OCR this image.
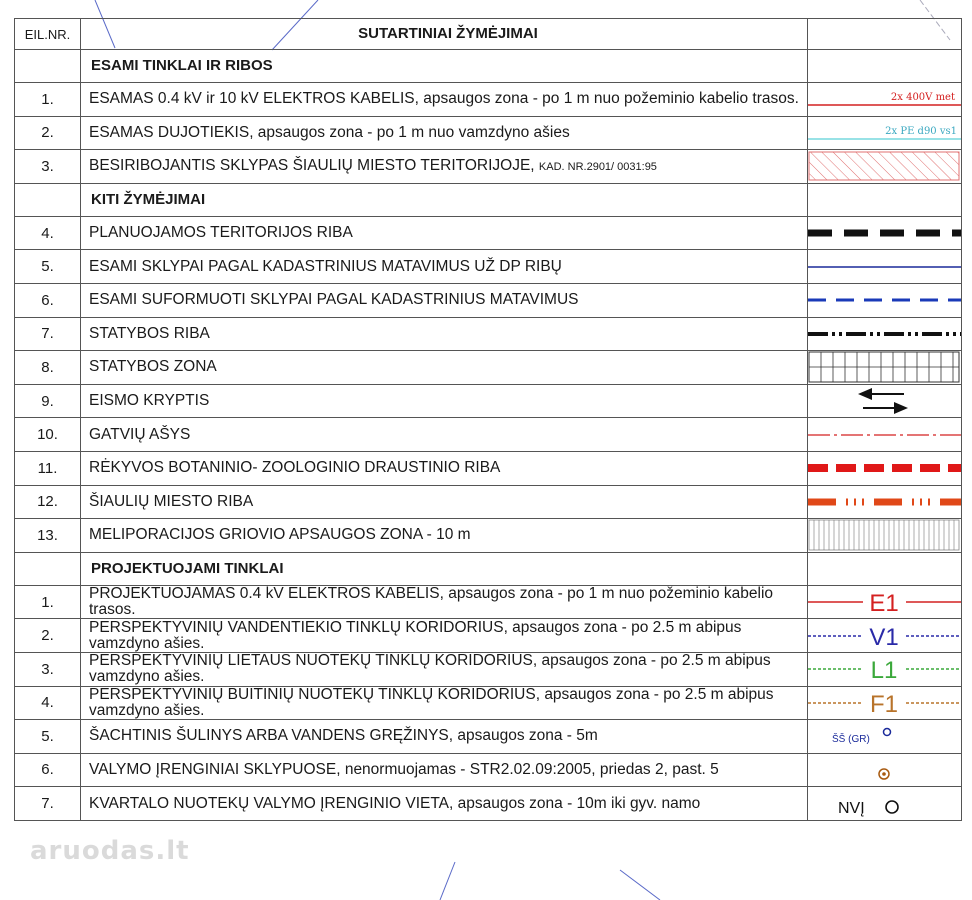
EIL.NR.	SUTARTINIAI ŽYMĖJIMAI	
	ESAMI TINKLAI IR RIBOS	
1.	ESAMAS 0.4 kV ir 10 kV ELEKTROS KABELIS, apsaugos zona - po 1 m nuo požeminio kabelio trasos.	2x 400V met

2.	ESAMAS DUJOTIEKIS, apsaugos zona - po 1 m nuo vamzdyno ašies	2x PE d90 vs1

3.	BESIRIBOJANTIS SKLYPAS ŠIAULIŲ MIESTO TERITORIJOJE, KAD. NR.2901/ 0031:95	

	KITI ŽYMĖJIMAI	
4.	PLANUOJAMOS TERITORIJOS RIBA	

5.	ESAMI SKLYPAI PAGAL KADASTRINIUS MATAVIMUS UŽ DP RIBŲ	

6.	ESAMI SUFORMUOTI SKLYPAI PAGAL KADASTRINIUS MATAVIMUS	

7.	STATYBOS RIBA	

8.	STATYBOS ZONA	

9.	EISMO KRYPTIS	

10.	GATVIŲ AŠYS	

11.	RĖKYVOS BOTANINIO- ZOOLOGINIO DRAUSTINIO RIBA	

12.	ŠIAULIŲ MIESTO RIBA	

13.	MELIPORACIJOS GRIOVIO APSAUGOS ZONA - 10 m	

	PROJEKTUOJAMI TINKLAI	
1.	PROJEKTUOJAMAS 0.4 kV ELEKTROS KABELIS, apsaugos zona - po 1 m nuo požeminio kabelio trasos.	E1

2.	PERSPEKTYVINIŲ VANDENTIEKIO TINKLŲ KORIDORIUS, apsaugos zona - po 2.5 m abipus vamzdyno ašies.	V1

3.	PERSPEKTYVINIŲ LIETAUS NUOTEKŲ TINKLŲ KORIDORIUS, apsaugos zona - po 2.5 m abipus vamzdyno ašies.	L1

4.	PERSPEKTYVINIŲ BUITINIŲ NUOTEKŲ TINKLŲ KORIDORIUS, apsaugos zona - po 2.5 m abipus vamzdyno ašies.	F1

5.	ŠACHTINIS ŠULINYS ARBA VANDENS GRĘŽINYS, apsaugos zona - 5m	ŠŠ (GR)

6.	VALYMO ĮRENGINIAI SKLYPUOSE, nenormuojamas - STR2.02.09:2005, priedas 2, past. 5	

7.	KVARTALO NUOTEKŲ VALYMO ĮRENGINIO VIETA, apsaugos zona - 10m iki gyv. namo	NVĮ
aruodas.lt
